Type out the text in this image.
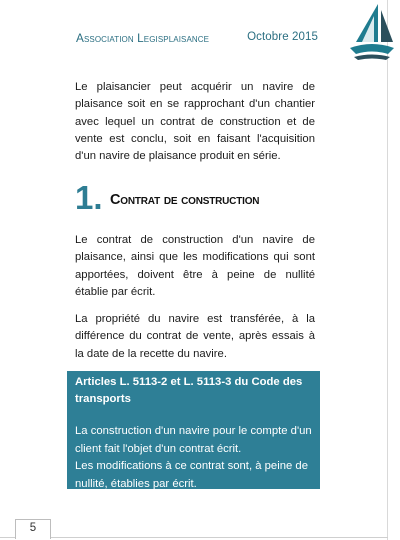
Association Legisplaisance	Octobre 2015
Le plaisancier peut acquérir un navire de plaisance soit en se rapprochant d'un chantier avec lequel un contrat de construction et de vente est conclu, soit en faisant l'acquisition d'un navire de plaisance produit en série.
1. Contrat de construction
Le contrat de construction d'un navire de plaisance, ainsi que les modifications qui sont apportées, doivent être à peine de nullité établie par écrit.
La propriété du navire est transférée, à la différence du contrat de vente, après essais à la date de la recette du navire.
Articles L. 5113-2 et L. 5113-3 du Code des transports
La construction d'un navire pour le compte d'un client fait l'objet d'un contrat écrit.
Les modifications à ce contrat sont, à peine de nullité, établies par écrit.
5
